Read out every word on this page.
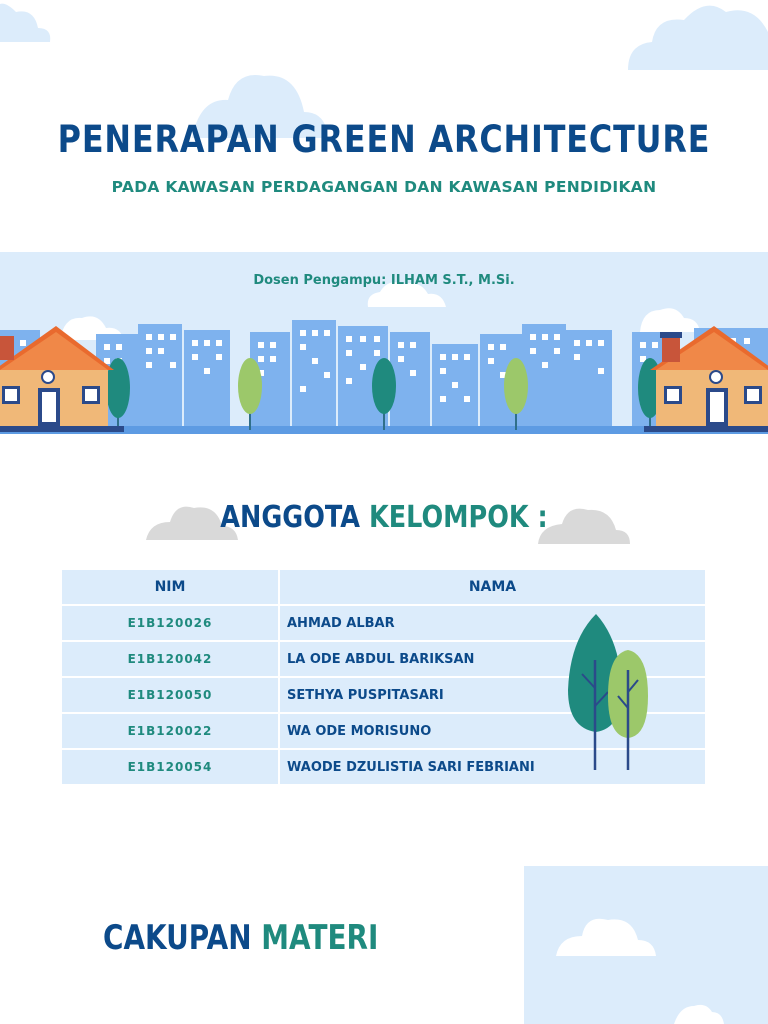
PENERAPAN GREEN ARCHITECTURE
PADA KAWASAN PERDAGANGAN DAN KAWASAN PENDIDIKAN
Dosen Pengampu: ILHAM S.T., M.Si.
ANGGOTA KELOMPOK :
NIM	NAMA
E1B120026	AHMAD ALBAR
E1B120042	LA ODE ABDUL BARIKSAN
E1B120050	SETHYA PUSPITASARI
E1B120022	WA ODE MORISUNO
E1B120054	WAODE DZULISTIA SARI FEBRIANI
CAKUPAN MATERI
